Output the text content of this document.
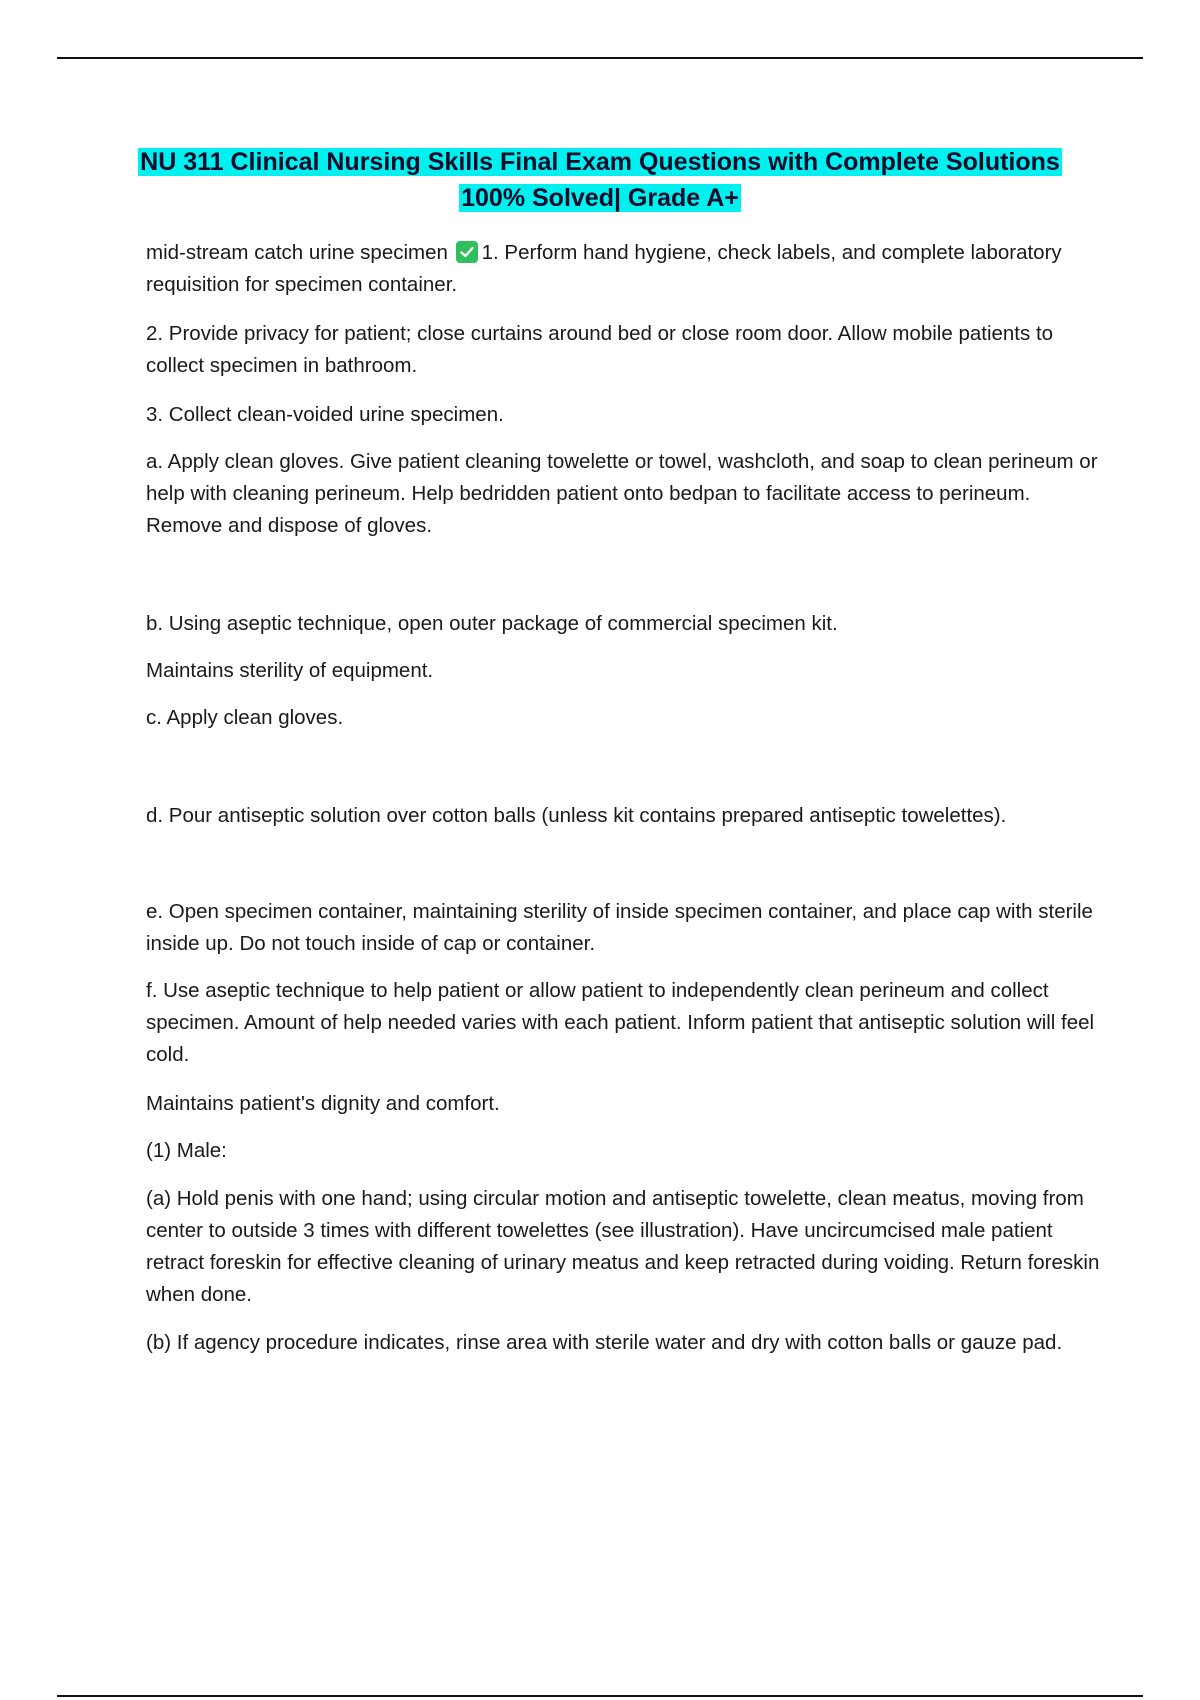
NU 311 Clinical Nursing Skills Final Exam Questions with Complete Solutions
100% Solved| Grade A+

mid-stream catch urine specimen 1. Perform hand hygiene, check labels, and complete laboratory requisition for specimen container.

2. Provide privacy for patient; close curtains around bed or close room door. Allow mobile patients to collect specimen in bathroom.

3. Collect clean-voided urine specimen.

a. Apply clean gloves. Give patient cleaning towelette or towel, washcloth, and soap to clean perineum or help with cleaning perineum. Help bedridden patient onto bedpan to facilitate access to perineum. Remove and dispose of gloves.

b. Using aseptic technique, open outer package of commercial specimen kit.

Maintains sterility of equipment.

c. Apply clean gloves.

d. Pour antiseptic solution over cotton balls (unless kit contains prepared antiseptic towelettes).

e. Open specimen container, maintaining sterility of inside specimen container, and place cap with sterile inside up. Do not touch inside of cap or container.

f. Use aseptic technique to help patient or allow patient to independently clean perineum and collect specimen. Amount of help needed varies with each patient. Inform patient that antiseptic solution will feel cold.

Maintains patient's dignity and comfort.

(1) Male:

(a) Hold penis with one hand; using circular motion and antiseptic towelette, clean meatus, moving from center to outside 3 times with different towelettes (see illustration). Have uncircumcised male patient retract foreskin for effective cleaning of urinary meatus and keep retracted during voiding. Return foreskin when done.

(b) If agency procedure indicates, rinse area with sterile water and dry with cotton balls or gauze pad.
